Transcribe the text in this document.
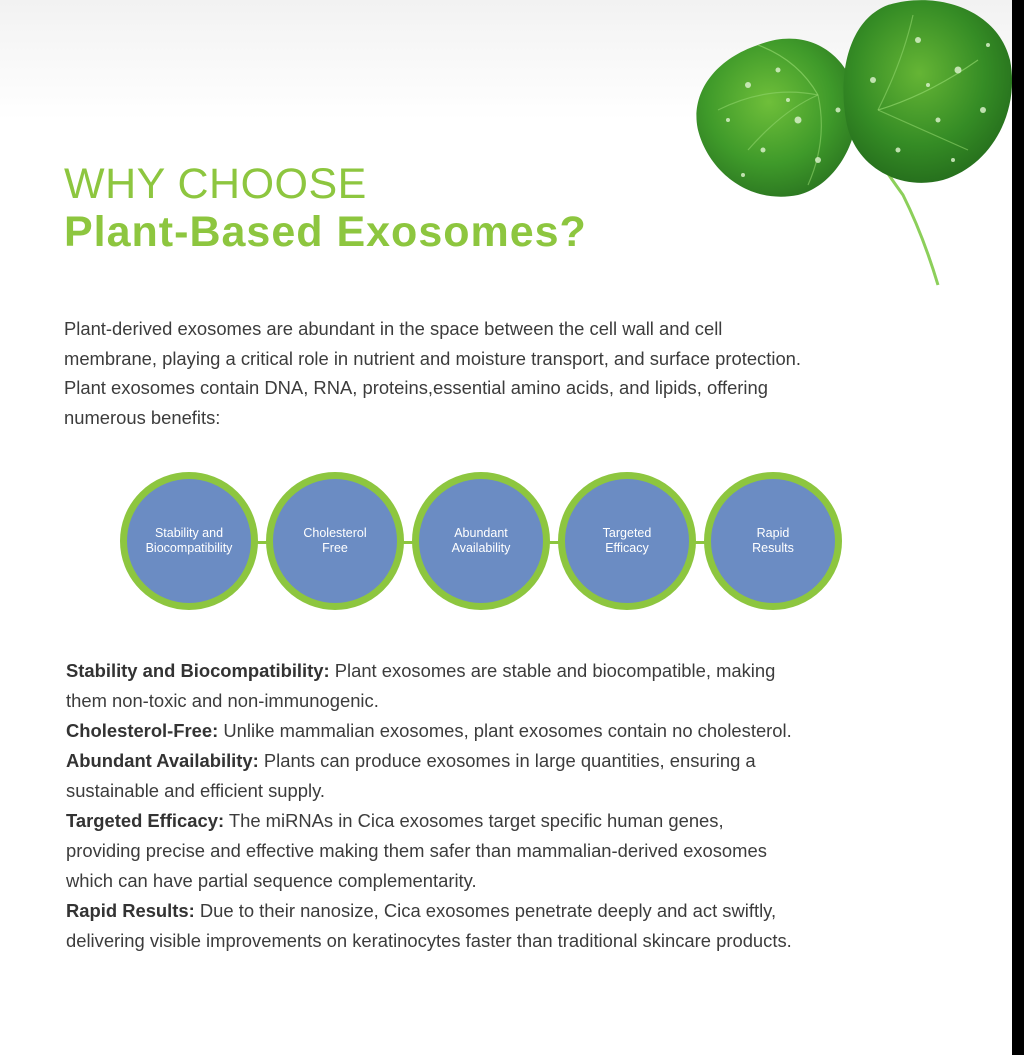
WHY CHOOSE
Plant-Based Exosomes?

Plant-derived exosomes are abundant in the space between the cell wall and cell
membrane, playing a critical role in nutrient and moisture transport, and surface protection.
Plant exosomes contain DNA, RNA, proteins,essential amino acids, and lipids, offering
numerous benefits:

Stability and
Biocompatibility
Cholesterol
Free
Abundant
Availability
Targeted
Efficacy
Rapid
Results
Stability and Biocompatibility: Plant exosomes are stable and biocompatible, making
them non-toxic and non-immunogenic.
Cholesterol-Free: Unlike mammalian exosomes, plant exosomes contain no cholesterol.
Abundant Availability: Plants can produce exosomes in large quantities, ensuring a
sustainable and efficient supply.
Targeted Efficacy: The miRNAs in Cica exosomes target specific human genes,
providing precise and effective making them safer than mammalian-derived exosomes
which can have partial sequence complementarity.
Rapid Results: Due to their nanosize, Cica exosomes penetrate deeply and act swiftly,
delivering visible improvements on keratinocytes faster than traditional skincare products.
